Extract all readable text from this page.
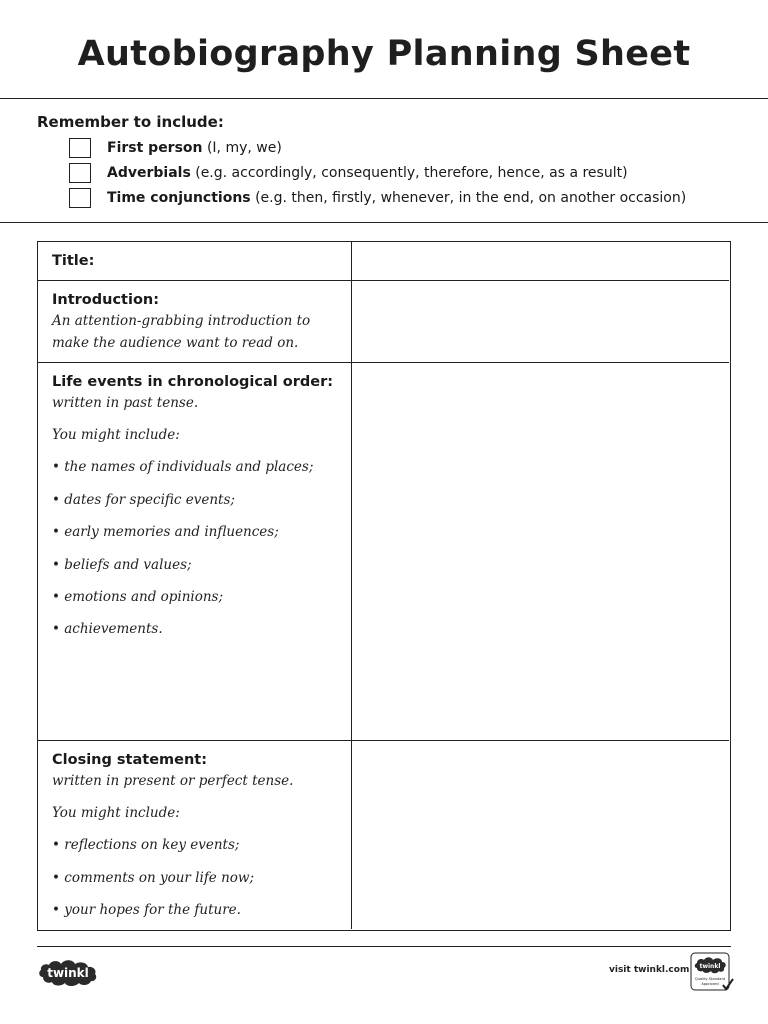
Autobiography Planning Sheet
Remember to include:
First person (I, my, we)
Adverbials (e.g. accordingly, consequently, therefore, hence, as a result)
Time conjunctions (e.g. then, firstly, whenever, in the end, on another occasion)
Title:
Introduction:
An attention-grabbing introduction to
make the audience want to read on.
Life events in chronological order:
written in past tense.
You might include:
• the names of individuals and places;
• dates for specific events;
• early memories and influences;
• beliefs and values;
• emotions and opinions;
• achievements.
Closing statement:
written in present or perfect tense.
You might include:
• reflections on key events;
• comments on your life now;
• your hopes for the future.
twinkl	visit twinkl.com twinkl
Quality Standard
Approved
